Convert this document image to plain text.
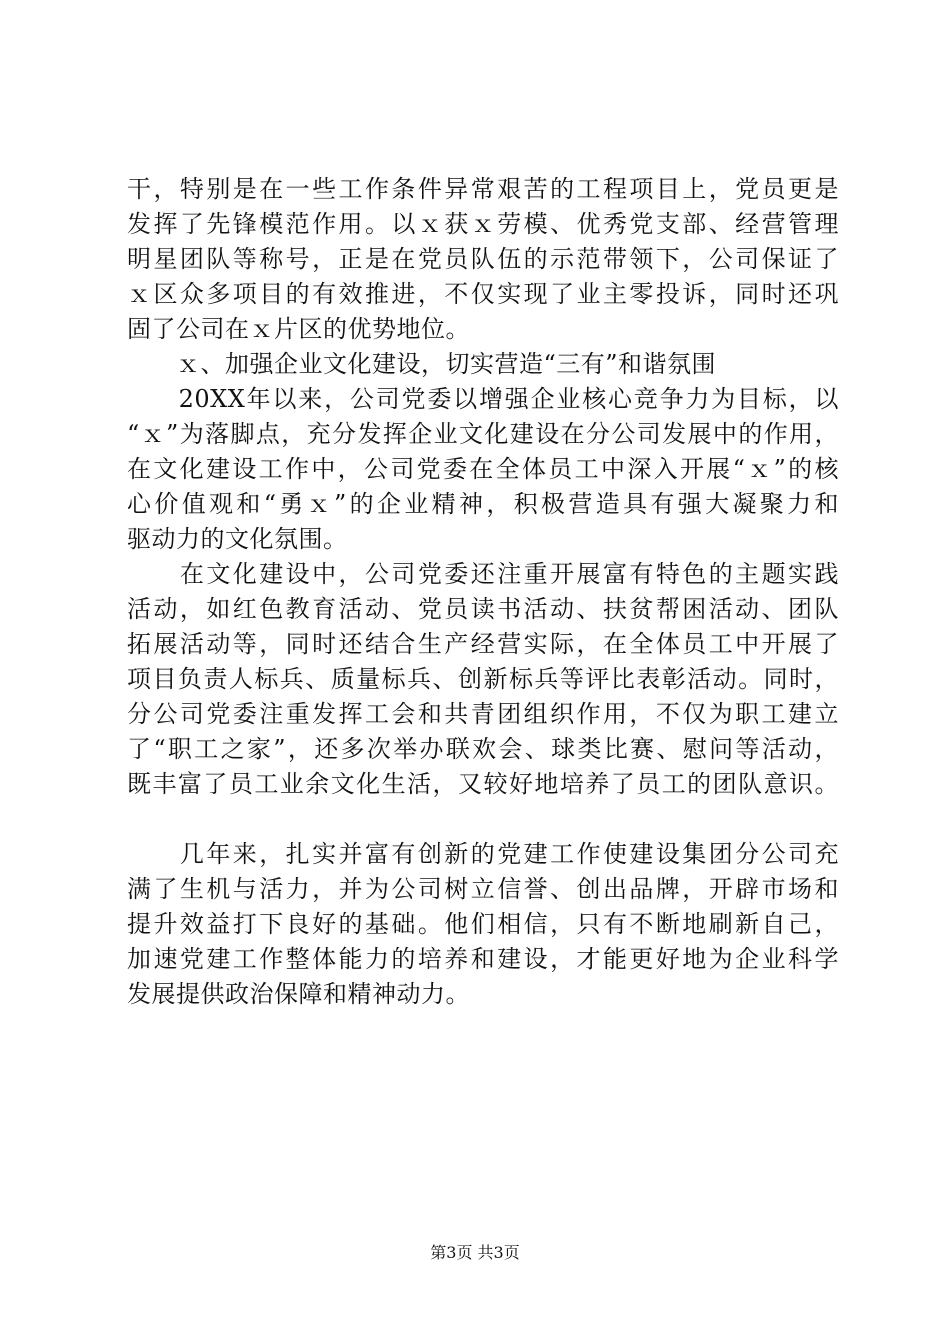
干，特别是在一些工作条件异常艰苦的工程项目上，党员更是
发挥了先锋模范作用。以ｘ获ｘ劳模、优秀党支部、经营管理
明星团队等称号，正是在党员队伍的示范带领下，公司保证了
ｘ区众多项目的有效推进，不仅实现了业主零投诉，同时还巩
固了公司在ｘ片区的优势地位。
　　ｘ、加强企业文化建设，切实营造“三有”和谐氛围
　　20XX年以来，公司党委以增强企业核心竞争力为目标，以
“ｘ”为落脚点，充分发挥企业文化建设在分公司发展中的作用，
在文化建设工作中，公司党委在全体员工中深入开展“ｘ”的核
心价值观和“勇ｘ”的企业精神，积极营造具有强大凝聚力和
驱动力的文化氛围。
　　在文化建设中，公司党委还注重开展富有特色的主题实践
活动，如红色教育活动、党员读书活动、扶贫帮困活动、团队
拓展活动等，同时还结合生产经营实际，在全体员工中开展了
项目负责人标兵、质量标兵、创新标兵等评比表彰活动。同时，
分公司党委注重发挥工会和共青团组织作用，不仅为职工建立
了“职工之家”，还多次举办联欢会、球类比赛、慰问等活动，
既丰富了员工业余文化生活，又较好地培养了员工的团队意识。
　　几年来，扎实并富有创新的党建工作使建设集团分公司充
满了生机与活力，并为公司树立信誉、创出品牌，开辟市场和
提升效益打下良好的基础。他们相信，只有不断地刷新自己，
加速党建工作整体能力的培养和建设，才能更好地为企业科学
发展提供政治保障和精神动力。
第3页 共3页
